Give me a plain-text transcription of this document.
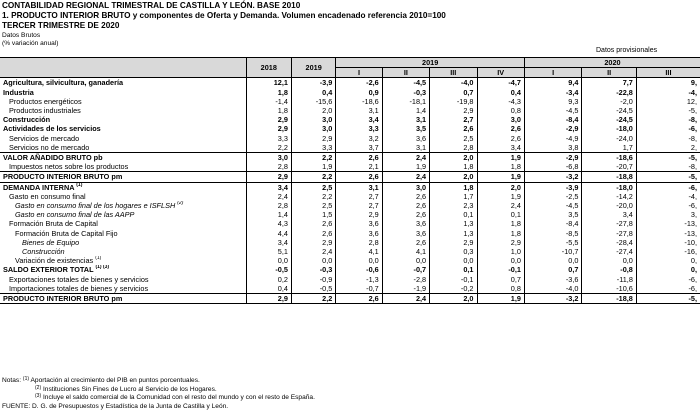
CONTABILIDAD REGIONAL TRIMESTRAL DE CASTILLA Y LEÓN. BASE 2010
1. PRODUCTO INTERIOR BRUTO y componentes de Oferta y Demanda. Volumen encadenado referencia 2010=100
TERCER TRIMESTRE DE 2020
Datos Brutos
(% variación anual)
Datos provisionales
	2018	2019	2019				2020		
			I	II	III	IV	I	II	III
Agricultura, silvicultura, ganadería	12,1	-3,9	-2,6	-4,5	-4,0	-4,7	9,4	7,7	9,
Industria	1,8	0,4	0,9	-0,3	0,7	0,4	-3,4	-22,8	-4,
Productos energéticos	-1,4	-15,6	-18,6	-18,1	-19,8	-4,3	9,3	-2,0	12,
Productos industriales	1,8	2,0	3,1	1,4	2,9	0,8	-4,5	-24,5	-5,
Construcción	2,9	3,0	3,4	3,1	2,7	3,0	-8,4	-24,5	-8,
Actividades de los servicios	2,9	3,0	3,3	3,5	2,6	2,6	-2,9	-18,0	-6,
Servicios de mercado	3,3	2,9	3,2	3,6	2,5	2,6	-4,9	-24,0	-8,
Servicios no de mercado	2,2	3,3	3,7	3,1	2,8	3,4	3,8	1,7	2,
VALOR AÑADIDO BRUTO pb	3,0	2,2	2,6	2,4	2,0	1,9	-2,9	-18,6	-5,
Impuestos netos sobre los productos	2,8	1,9	2,1	1,9	1,8	1,8	-6,8	-20,7	-8,
PRODUCTO INTERIOR BRUTO pm	2,9	2,2	2,6	2,4	2,0	1,9	-3,2	-18,8	-5,
DEMANDA INTERNA $^{(1)}$	3,4	2,5	3,1	3,0	1,8	2,0	-3,9	-18,0	-6,
Gasto en consumo final	2,4	2,2	2,7	2,6	1,7	1,9	-2,5	-14,2	-4,
Gasto en consumo final de los hogares e ISFLSH $^{(2)}$	2,8	2,5	2,7	2,6	2,3	2,4	-4,5	-20,0	-6,
Gasto en consumo final de las AAPP	1,4	1,5	2,9	2,6	0,1	0,1	3,5	3,4	3,
Formación Bruta de Capital	4,3	2,6	3,6	3,6	1,3	1,8	-8,4	-27,8	-13,
Formación Bruta de Capital Fijo	4,4	2,6	3,6	3,6	1,3	1,8	-8,5	-27,8	-13,
Bienes de Equipo	3,4	2,9	2,8	2,6	2,9	2,9	-5,5	-28,4	-10,
Construcción	5,1	2,4	4,1	4,1	0,3	1,0	-10,7	-27,4	-16,
Variación de existencias $^{(1)}$	0,0	0,0	0,0	0,0	0,0	0,0	0,0	0,0	0,
SALDO EXTERIOR TOTAL $^{(1) (3)}$	-0,5	-0,3	-0,6	-0,7	0,1	-0,1	0,7	-0,8	0,
Exportaciones totales de bienes y servicios	0,2	-0,9	-1,3	-2,8	-0,1	0,7	-3,6	-11,8	-6,
Importaciones totales de bienes y servicios	0,4	-0,5	-0,7	-1,9	-0,2	0,8	-4,0	-10,6	-6,
PRODUCTO INTERIOR BRUTO pm	2,9	2,2	2,6	2,4	2,0	1,9	-3,2	-18,8	-5,
Notas: $^{(1)}$ Aportación al crecimiento del PIB en puntos porcentuales.
$^{(2)}$ Instituciones Sin Fines de Lucro al Servicio de los Hogares.
$^{(3)}$ Incluye el saldo comercial de la Comunidad con el resto del mundo y con el resto de España.
FUENTE: D. G. de Presupuestos y Estadística de la Junta de Castilla y León.
